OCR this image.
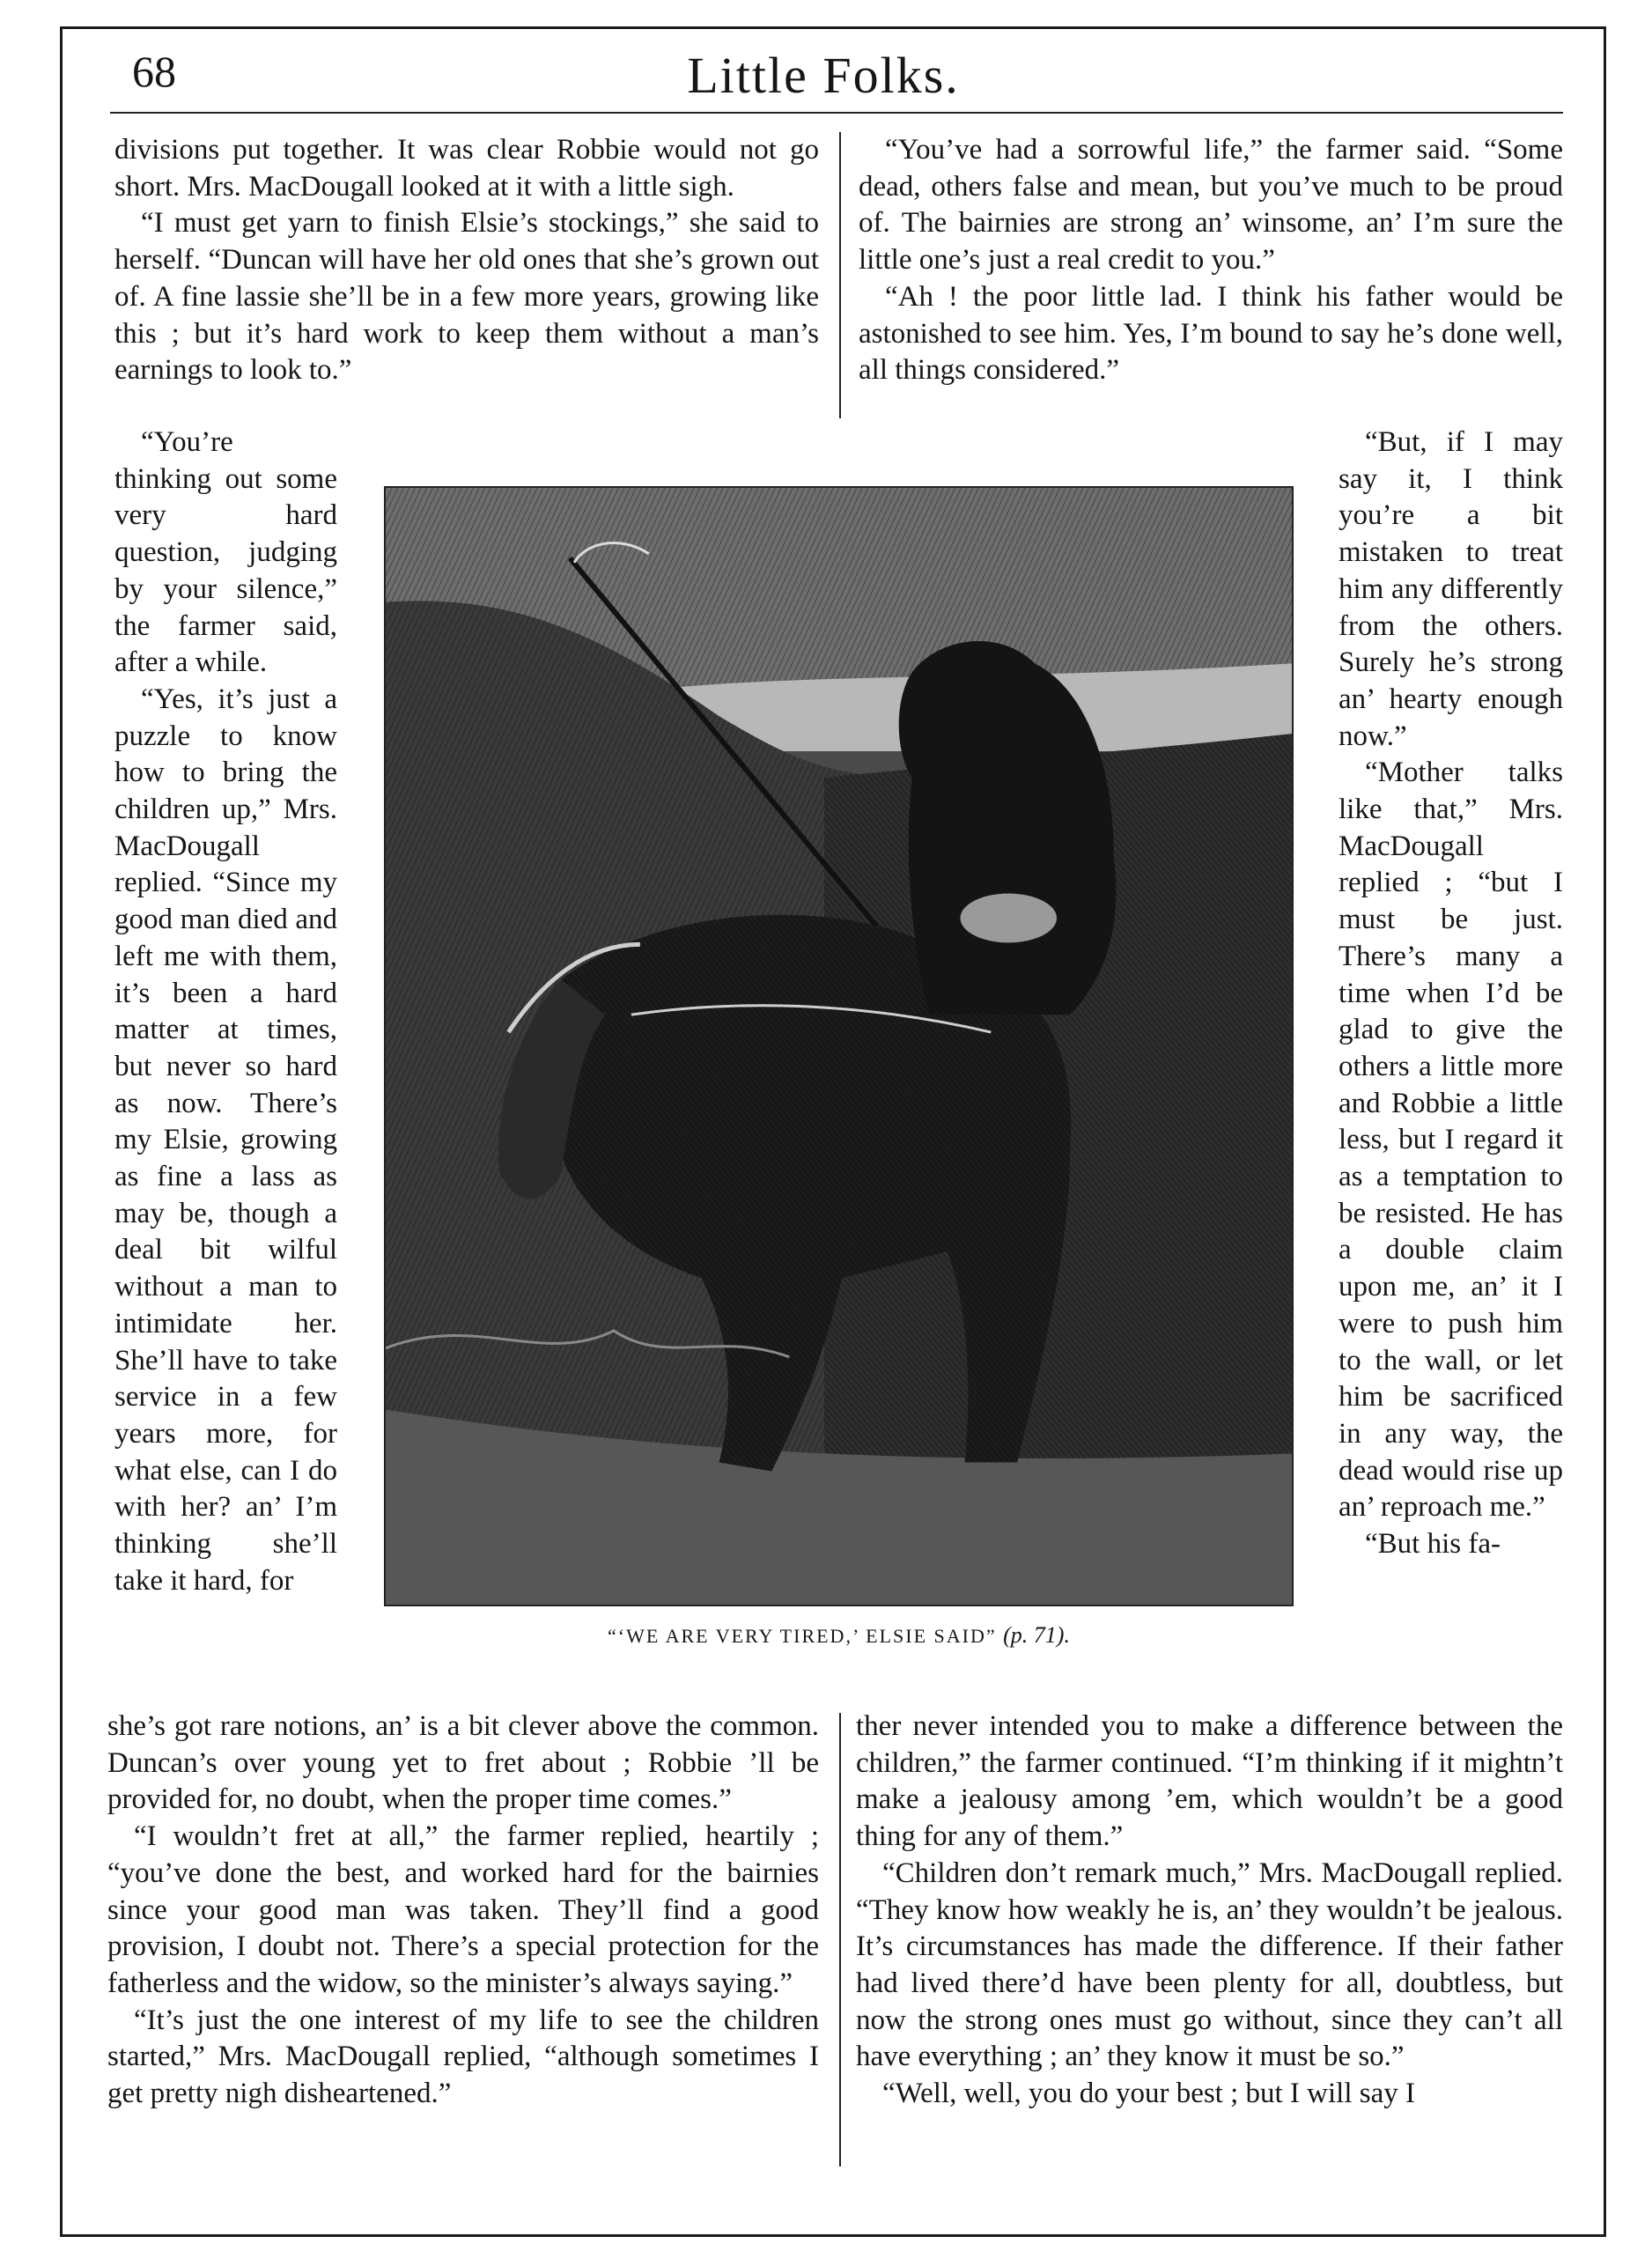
68	Little Folks.

divisions put together. It was clear Robbie would not go short. Mrs. MacDougall looked at it with a little sigh.

“I must get yarn to finish Elsie’s stockings,” she said to herself. “Duncan will have her old ones that she’s grown out of. A fine lassie she’ll be in a few more years, growing like this ; but it’s hard work to keep them without a man’s earnings to look to.”

“You’re thinking out some very hard question, judging by your silence,” the farmer said, after a while.

“Yes, it’s just a puzzle to know how to bring the children up,” Mrs. MacDougall replied. “Since my good man died and left me with them, it’s been a hard matter at times, but never so hard as now. There’s my Elsie, growing as fine a lass as may be, though a deal bit wilful without a man to intimidate her. She’ll have to take service in a few years more, for what else, can I do with her? an’ I’m thinking she’ll take it hard, for

she’s got rare notions, an’ is a bit clever above the common. Duncan’s over young yet to fret about ; Robbie ’ll be provided for, no doubt, when the proper time comes.”

“I wouldn’t fret at all,” the farmer replied, heartily ; “you’ve done the best, and worked hard for the bairnies since your good man was taken. They’ll find a good provision, I doubt not. There’s a special protection for the fatherless and the widow, so the minister’s always saying.”

“It’s just the one interest of my life to see the children started,” Mrs. MacDougall replied, “although sometimes I get pretty nigh disheartened.”

“You’ve had a sorrowful life,” the farmer said. “Some dead, others false and mean, but you’ve much to be proud of. The bairnies are strong an’ winsome, an’ I’m sure the little one’s just a real credit to you.”

“Ah ! the poor little lad. I think his father would be astonished to see him. Yes, I’m bound to say he’s done well, all things considered.”

“But, if I may say it, I think you’re a bit mistaken to treat him any differently from the others. Surely he’s strong an’ hearty enough now.”

“Mother talks like that,” Mrs. MacDougall replied ; “but I must be just. There’s many a time when I’d be glad to give the others a little more and Robbie a little less, but I regard it as a temptation to be resisted. He has a double claim upon me, an’ it I were to push him to the wall, or let him be sacrificed in any way, the dead would rise up an’ reproach me.”

“But his fa-

ther never intended you to make a difference between the children,” the farmer continued. “I’m thinking if it mightn’t make a jealousy among ’em, which wouldn’t be a good thing for any of them.”

“Children don’t remark much,” Mrs. MacDougall replied. “They know how weakly he is, an’ they wouldn’t be jealous. It’s circumstances has made the difference. If their father had lived there’d have been plenty for all, doubtless, but now the strong ones must go without, since they can’t all have everything ; an’ they know it must be so.”

“Well, well, you do your best ; but I will say I

“‘WE ARE VERY TIRED,’ ELSIE SAID” (p. 71).
